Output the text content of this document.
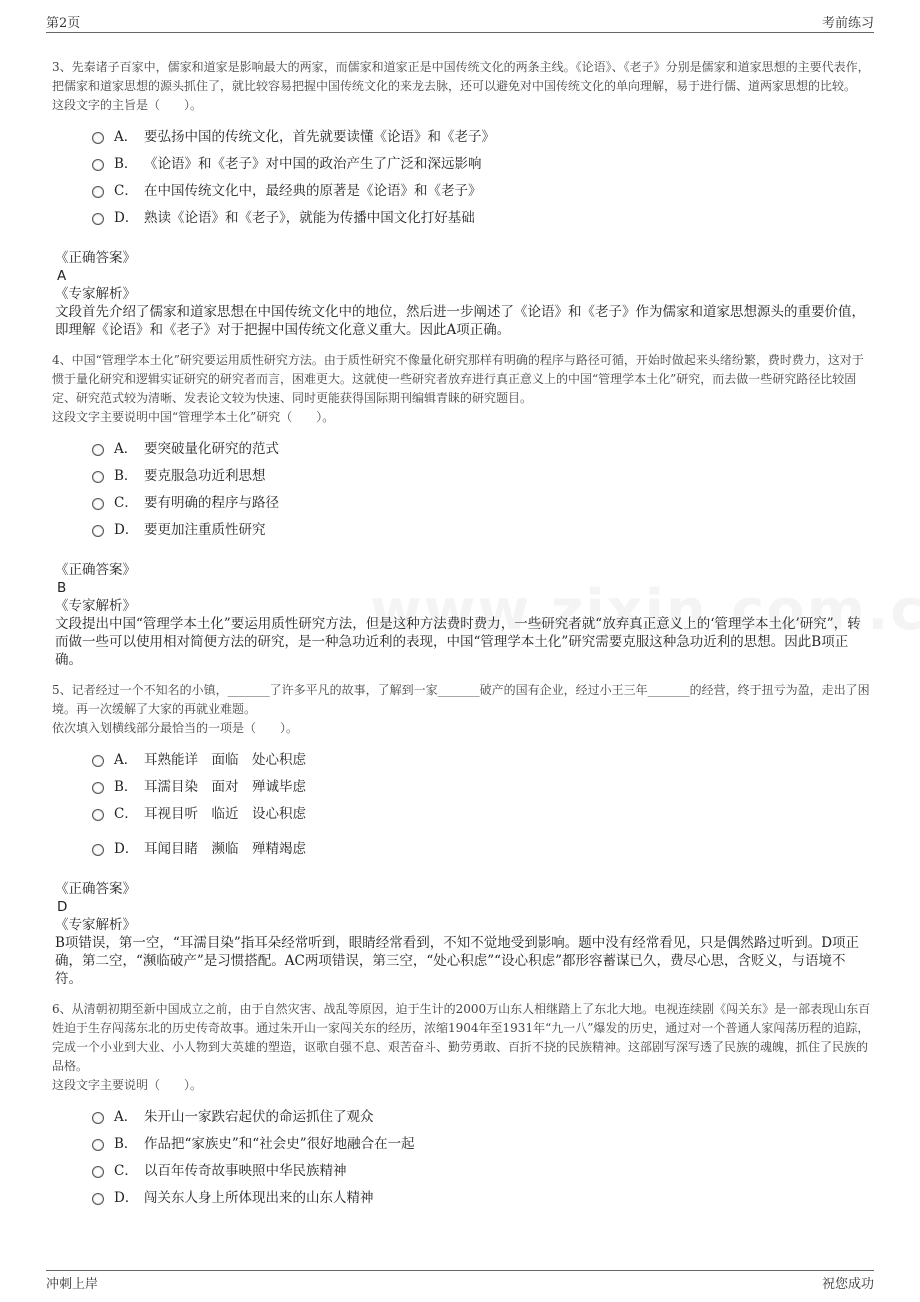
第2页	考前练习

3、先秦诸子百家中，儒家和道家是影响最大的两家，而儒家和道家正是中国传统文化的两条主线。《论语》、《老子》分别是儒家和道家思想的主要代表作，把儒家和道家思想的源头抓住了，就比较容易把握中国传统文化的来龙去脉，还可以避免对中国传统文化的单向理解，易于进行儒、道两家思想的比较。

这段文字的主旨是（　　）。

A． 要弘扬中国的传统文化，首先就要读懂《论语》和《老子》
B． 《论语》和《老子》对中国的政治产生了广泛和深远影响
C． 在中国传统文化中，最经典的原著是《论语》和《老子》
D． 熟读《论语》和《老子》，就能为传播中国文化打好基础
《正确答案》
A
《专家解析》

文段首先介绍了儒家和道家思想在中国传统文化中的地位，然后进一步阐述了《论语》和《老子》作为儒家和道家思想源头的重要价值，即理解《论语》和《老子》对于把握中国传统文化意义重大。因此A项正确。

4、中国“管理学本土化”研究要运用质性研究方法。由于质性研究不像量化研究那样有明确的程序与路径可循，开始时做起来头绪纷繁，费时费力，这对于惯于量化研究和逻辑实证研究的研究者而言，困难更大。这就使一些研究者放弃进行真正意义上的中国“管理学本土化”研究，而去做一些研究路径比较固定、研究范式较为清晰、发表论文较为快速、同时更能获得国际期刊编辑青睐的研究题目。

这段文字主要说明中国“管理学本土化”研究（　　）。

A． 要突破量化研究的范式
B． 要克服急功近利思想
C． 要有明确的程序与路径
D． 要更加注重质性研究
《正确答案》
B
《专家解析》

文段提出中国“管理学本土化”要运用质性研究方法，但是这种方法费时费力，一些研究者就“放弃真正意义上的‘管理学本土化’研究”，转而做一些可以使用相对简便方法的研究，是一种急功近利的表现，中国“管理学本土化”研究需要克服这种急功近利的思想。因此B项正确。

5、记者经过一个不知名的小镇，_______了许多平凡的故事，了解到一家_______破产的国有企业，经过小王三年_______的经营，终于扭亏为盈，走出了困境。再一次缓解了大家的再就业难题。

依次填入划横线部分最恰当的一项是（　　）。

A． 耳熟能详　面临　处心积虑
B． 耳濡目染　面对　殚诚毕虑
C． 耳视目听　临近　设心积虑
D． 耳闻目睹　濒临　殚精竭虑
《正确答案》
D
《专家解析》

B项错误，第一空，“耳濡目染”指耳朵经常听到，眼睛经常看到，不知不觉地受到影响。题中没有经常看见，只是偶然路过听到。D项正确，第二空，“濒临破产”是习惯搭配。AC两项错误，第三空，“处心积虑”“设心积虑”都形容蓄谋已久，费尽心思，含贬义，与语境不符。

6、从清朝初期至新中国成立之前，由于自然灾害、战乱等原因，迫于生计的2000万山东人相继踏上了东北大地。电视连续剧《闯关东》是一部表现山东百姓迫于生存闯荡东北的历史传奇故事。通过朱开山一家闯关东的经历，浓缩1904年至1931年“九一八”爆发的历史，通过对一个普通人家闯荡历程的追踪，完成一个小业到大业、小人物到大英雄的塑造，讴歌自强不息、艰苦奋斗、勤劳勇敢、百折不挠的民族精神。这部剧写深写透了民族的魂魄，抓住了民族的品格。

这段文字主要说明（　　）。

A． 朱开山一家跌宕起伏的命运抓住了观众
B． 作品把“家族史”和“社会史”很好地融合在一起
C． 以百年传奇故事映照中华民族精神
D． 闯关东人身上所体现出来的山东人精神
冲刺上岸	祝您成功
